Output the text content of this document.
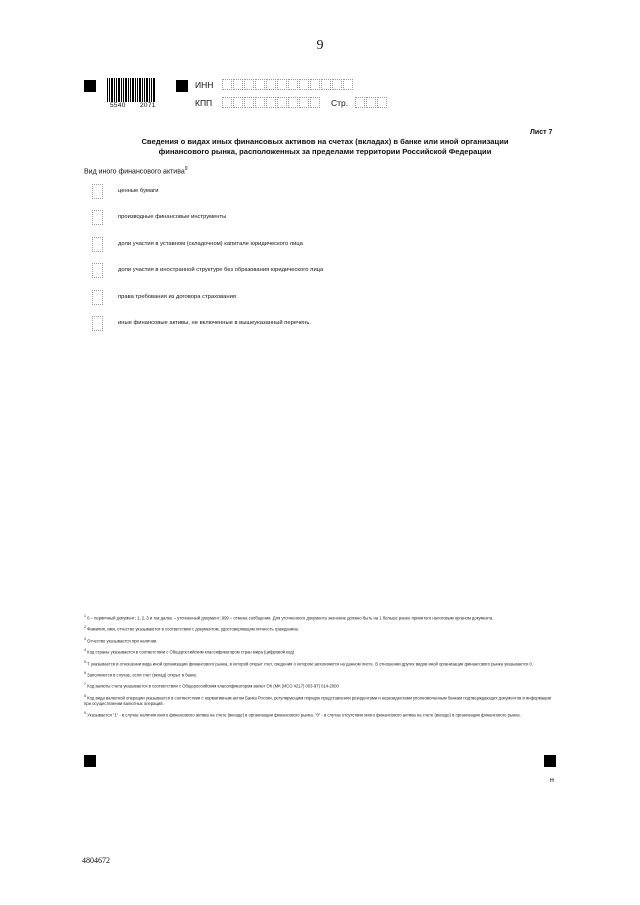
9
5540 2071
ИНН
КПП	Стр.
Лист 7
Сведения о видах иных финансовых активов на счетах (вкладах) в банке или иной организации
финансового рынка, расположенных за пределами территории Российской Федерации
Вид иного финансового актива$^9$
ценные бумаги
производные финансовые инструменты
доли участия в уставном (складочном) капитале юридического лица
доли участия в иностранной структуре без образования юридического лица
права требования из договора страхования
иные финансовые активы, не включенные в вышеуказанный перечень.
$^1$ 0 – первичный документ; 1, 2, 3 и так далее – уточненный документ; 999 – отмена сообщения. Для уточненного документа значение должно быть на 1 больше ранее принятого налоговым органом документа.
$^2$ Фамилия, имя, отчество указываются в соответствии с документом, удостоверяющим личность гражданина.
$^3$ Отчество указывается при наличии.
$^4$ Код страны указывается в соответствии с Общероссийским классификатором стран мира (цифровой код)
$^5$ Т указывается в отношении вида иной организации финансового рынка, в которой открыт счет, сведения о котором заполняются на данном листе. В отношении других видов иной организации финансового рынка указывается 0.
$^6$ Заполняется в случае, если счет (вклад) открыт в банке.
$^7$ Код валюты счета указывается в соответствии с Общероссийским классификатором валют ОК (МК (ИСО 4217) 003-97) 014-2000
$^8$ Код вида валютной операции указывается в соответствии с нормативным актом Банка России, регулирующим порядок представления резидентами и нерезидентами уполномоченным банкам подтверждающих документов и информации при осуществлении валютных операций.
$^9$ Указывается "1" - в случае наличия иного финансового актива на счете (вкладе) в организации финансового рынка. "0" - в случае отсутствия иного финансового актива на счете (вкладе) в организации финансового рынка.
н
4804672
